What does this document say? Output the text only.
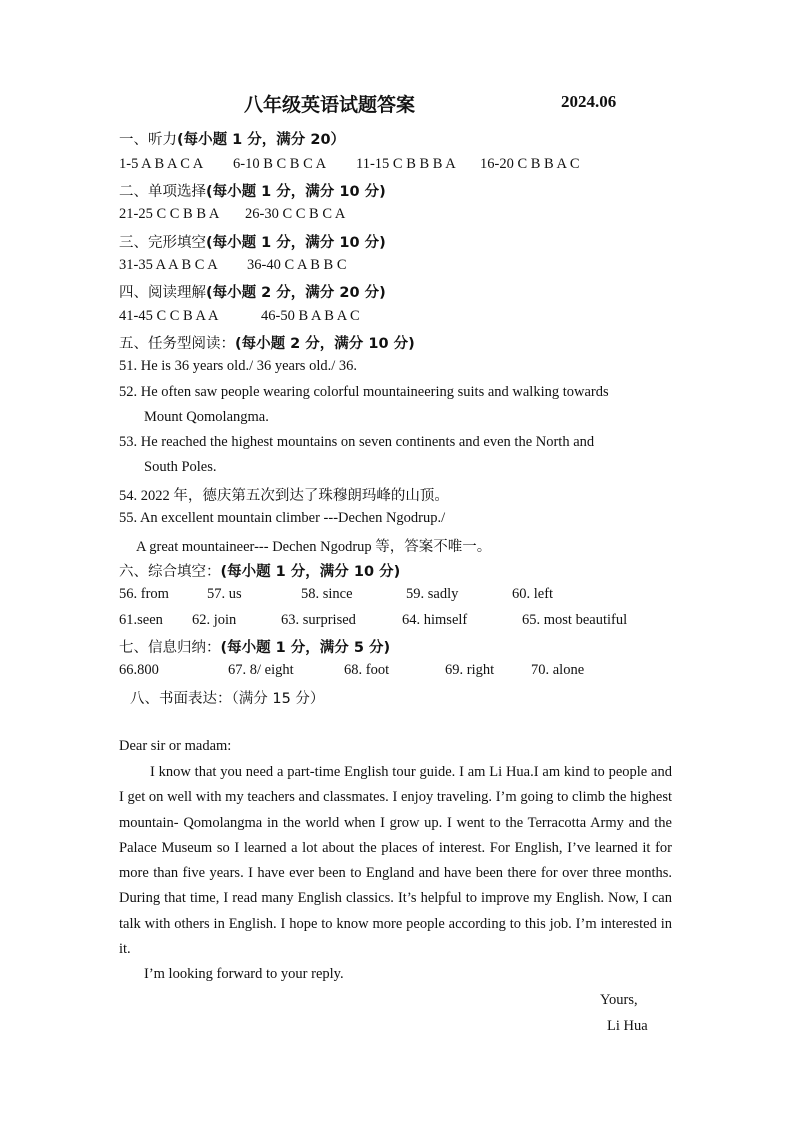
八年级英语试题答案	2024.06
一、听力(每小题 1 分，满分 20）
1-5 A B A C A 6-10 B C B C A 11-15 C B B B A 16-20 C B B A C
二、单项选择(每小题 1 分，满分 10 分)
21-25 C C B B A 26-30 C C B C A
三、完形填空(每小题 1 分，满分 10 分)
31-35 A A B C A 36-40 C A B B C
四、阅读理解(每小题 2 分，满分 20 分)
41-45 C C B A A	46-50 B A B A C
五、任务型阅读：(每小题 2 分，满分 10 分)
51. He is 36 years old./ 36 years old./ 36.
52. He often saw people wearing colorful mountaineering suits and walking towards
Mount Qomolangma.
53. He reached the highest mountains on seven continents and even the North and
South Poles.
54. 2022 年，德庆第五次到达了珠穆朗玛峰的山顶。
55. An excellent mountain climber ---Dechen Ngodrup./
A great mountaineer--- Dechen Ngodrup 等，答案不唯一。
六、综合填空：(每小题 1 分，满分 10 分)
56. from	57. us	58. since	59. sadly	60. left
61.seen 62. join	63. surprised	64. himself	65. most beautiful
七、信息归纳：(每小题 1 分，满分 5 分)
66.800	67. 8/ eight	68. foot	69. right	70. alone
八、书面表达：（满分 15 分）
Dear sir or madam:
I know that you need a part-time English tour guide. I am Li Hua.I am kind to people and I get on well with my teachers and classmates. I enjoy traveling. I’m going to climb the highest mountain- Qomolangma in the world when I grow up. I went to the Terracotta Army and the Palace Museum so I learned a lot about the places of interest. For English, I’ve learned it for more than five years. I have ever been to England and have been there for over three months. During that time, I read many English classics. It’s helpful to improve my English. Now, I can talk with others in English. I hope to know more people according to this job. I’m interested in it.
I’m looking forward to your reply.
Yours,
Li Hua
